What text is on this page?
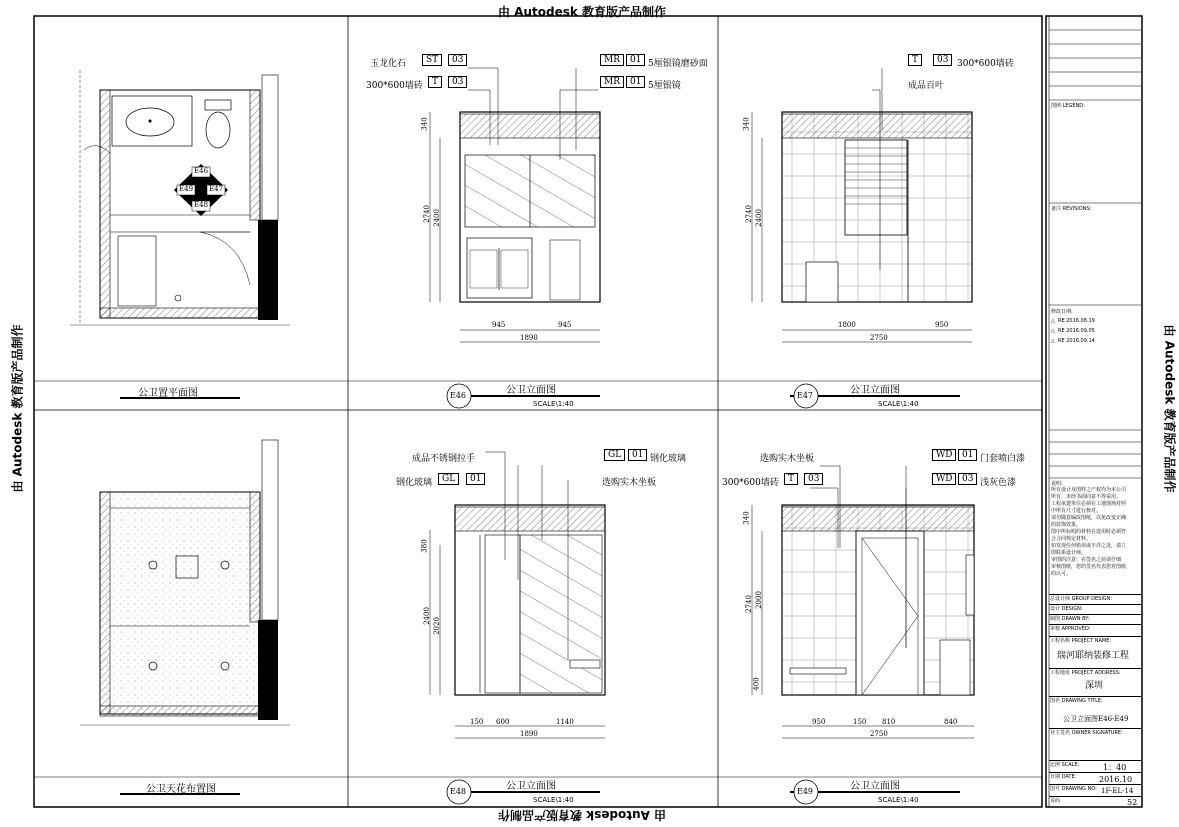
由 Autodesk 教育版产品制作
由 Autodesk 教育版产品制作
由 Autodesk 教育版产品制作	由 Autodesk 教育版产品制作
公卫置平面图	公卫立面图
SCALE\1:40
E46	公卫立面图
SCALE\1:40
E47
公卫天花布置图	公卫立面图
SCALE\1:40
E48	公卫立面图
SCALE\1:40
E49
E46
E49 E47
E48
玉龙化石	ST	03
300*600墙砖	T	03
MR	01 5厘银镜磨砂面
MR	01 5厘银镜
945	945
1890
340
2740 2400
T	03 300*600墙砖
成品百叶
1800	950
2750
340
2740 2400
成品不锈钢拉手
钢化玻璃	GL	01
GL	01 钢化玻璃
选购实木坐板
150 600	1140
1890
380
2400
2020
选购实木坐板
300*600墙砖	T	03
WD	01 门套喷白漆
WD	03 浅灰色漆
950	150 810	840
2750
340
2000
2740
400
图例 LEGEND:
备注 REVISIONS:
修改日期:
RE 2016.08.19
RE 2016.09.05
RE 2016.09.14
△
△
△
说明:
所有设计及图样之产权均为本公司
所有，未经书面同意不得采用。
工程承建单位必须在工地现场对照
中所有尺寸进行核对。
请勿随意编改图纸，以免改变正确
的装饰效果。
图中所标明的材料在选用时必须符
合合同规定材料。
如发现任何错误或不详之处，请立
即联系设计师。
审图的注意：在签名之前请仔细
审核图纸，您的签名代表您对图纸
的认可。
总设计师 GROUP DESIGN:
设计 DESIGN:
制图 DRAWN BY:
审核 APPROVED:
工程名称 PROJECT NAME:
瑞河耶纳装修工程
工程地址 PROJECT ADDRESS:
深圳
图名 DRAWING TITLE:
公卫立面图E46-E49
业主签名 OWNER SIGNATURE:
比例 SCALE:	1：40
日期 DATE:	2016.10
图号 DRAWING NO: 1F-EL-14
页码	52
